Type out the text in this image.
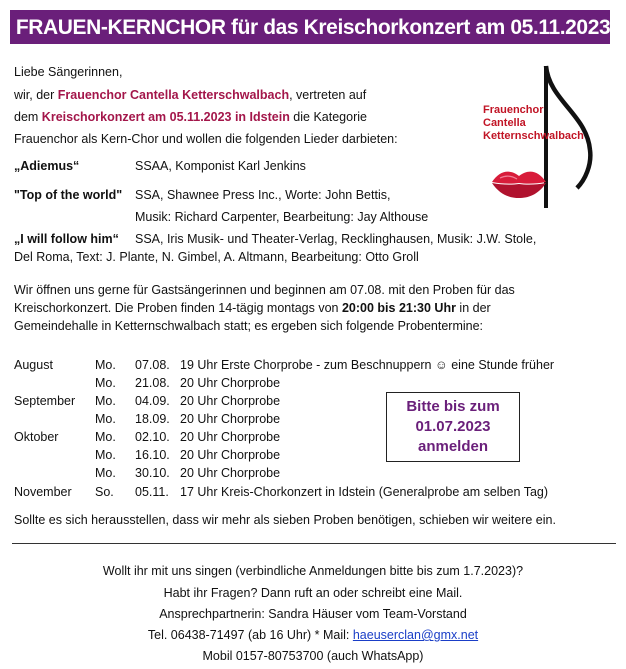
FRAUEN-KERNCHOR für das Kreischorkonzert am 05.11.2023
Liebe Sängerinnen,
wir, der Frauenchor Cantella Ketterschwalbach, vertreten auf
dem Kreischorkonzert am 05.11.2023 in Idstein die Kategorie
Frauenchor als Kern-Chor und wollen die folgenden Lieder darbieten:
Frauenchor
Cantella
Ketternschwalbach
„Adiemus“	SSAA, Komponist Karl Jenkins
"Top of the world" SSA, Shawnee Press Inc., Worte: John Bettis,
Musik: Richard Carpenter, Bearbeitung: Jay Althouse
„I will follow him“ SSA, Iris Musik- und Theater-Verlag, Recklinghausen, Musik: J.W. Stole,
Del Roma, Text: J. Plante, N. Gimbel, A. Altmann, Bearbeitung: Otto Groll
Wir öffnen uns gerne für Gastsängerinnen und beginnen am 07.08. mit den Proben für das
Kreischorkonzert. Die Proben finden 14-tägig montags von 20:00 bis 21:30 Uhr in der
Gemeindehalle in Ketternschwalbach statt; es ergeben sich folgende Probentermine:
August	Mo. 07.08. 19 Uhr Erste Chorprobe - zum Beschnuppern ☺ eine Stunde früher
Mo. 21.08. 20 Uhr Chorprobe
September Mo. 04.09. 20 Uhr Chorprobe
Mo. 18.09. 20 Uhr Chorprobe
Oktober	Mo. 02.10. 20 Uhr Chorprobe
Mo. 16.10. 20 Uhr Chorprobe
Mo. 30.10. 20 Uhr Chorprobe
November So. 05.11. 17 Uhr Kreis-Chorkonzert in Idstein (Generalprobe am selben Tag)
Bitte bis zum
01.07.2023
anmelden
Sollte es sich herausstellen, dass wir mehr als sieben Proben benötigen, schieben wir weitere ein.
Wollt ihr mit uns singen (verbindliche Anmeldungen bitte bis zum 1.7.2023)?
Habt ihr Fragen? Dann ruft an oder schreibt eine Mail.
Ansprechpartnerin: Sandra Häuser vom Team-Vorstand
Tel. 06438-71497 (ab 16 Uhr) * Mail: haeuserclan@gmx.net
Mobil 0157-80753700 (auch WhatsApp)
